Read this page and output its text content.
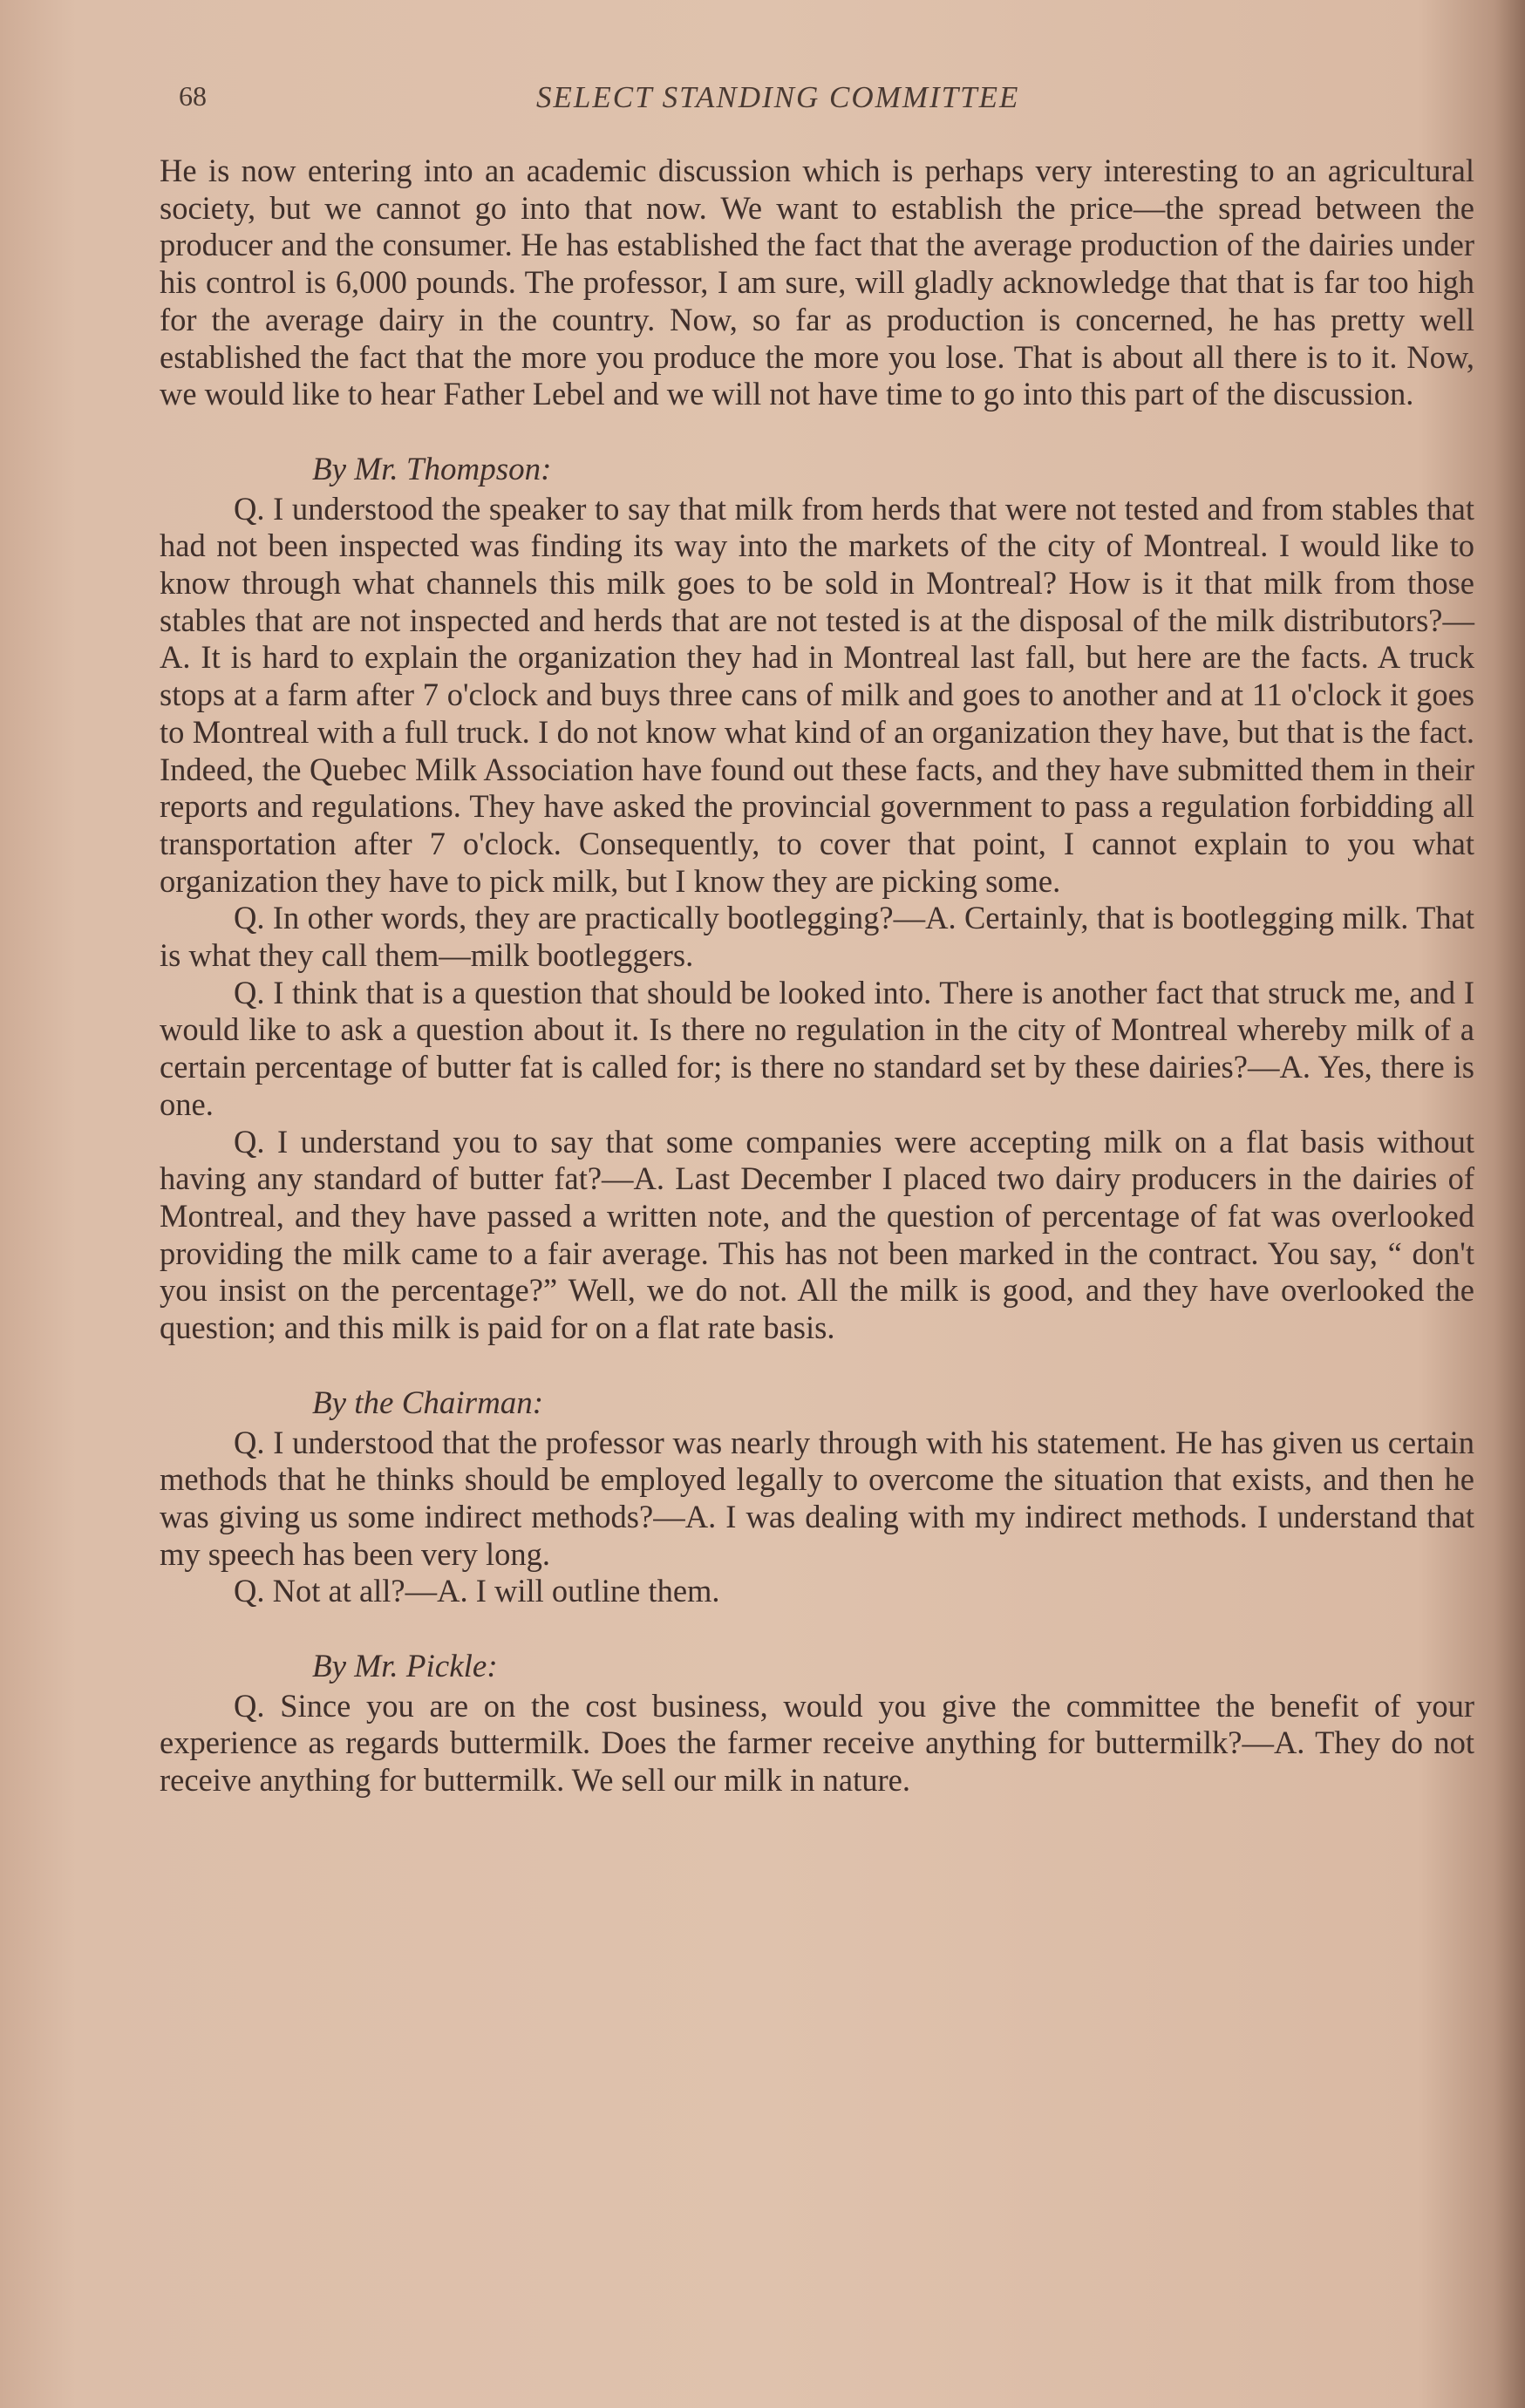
68	SELECT STANDING COMMITTEE

He is now entering into an academic discussion which is perhaps very interesting to an agricultural society, but we cannot go into that now. We want to establish the price—the spread between the producer and the consumer. He has established the fact that the average production of the dairies under his control is 6,000 pounds. The professor, I am sure, will gladly acknowledge that that is far too high for the average dairy in the country. Now, so far as production is concerned, he has pretty well established the fact that the more you produce the more you lose. That is about all there is to it. Now, we would like to hear Father Lebel and we will not have time to go into this part of the discussion.

By Mr. Thompson:

Q. I understood the speaker to say that milk from herds that were not tested and from stables that had not been inspected was finding its way into the markets of the city of Montreal. I would like to know through what channels this milk goes to be sold in Montreal? How is it that milk from those stables that are not inspected and herds that are not tested is at the disposal of the milk distributors?—A. It is hard to explain the organization they had in Montreal last fall, but here are the facts. A truck stops at a farm after 7 o'clock and buys three cans of milk and goes to another and at 11 o'clock it goes to Montreal with a full truck. I do not know what kind of an organization they have, but that is the fact. Indeed, the Quebec Milk Association have found out these facts, and they have submitted them in their reports and regulations. They have asked the provincial government to pass a regulation forbidding all transportation after 7 o'clock. Consequently, to cover that point, I cannot explain to you what organization they have to pick milk, but I know they are picking some.

Q. In other words, they are practically bootlegging?—A. Certainly, that is bootlegging milk. That is what they call them—milk bootleggers.

Q. I think that is a question that should be looked into. There is another fact that struck me, and I would like to ask a question about it. Is there no regulation in the city of Montreal whereby milk of a certain percentage of butter fat is called for; is there no standard set by these dairies?—A. Yes, there is one.

Q. I understand you to say that some companies were accepting milk on a flat basis without having any standard of butter fat?—A. Last December I placed two dairy producers in the dairies of Montreal, and they have passed a written note, and the question of percentage of fat was overlooked providing the milk came to a fair average. This has not been marked in the contract. You say, “ don't you insist on the percentage?” Well, we do not. All the milk is good, and they have overlooked the question; and this milk is paid for on a flat rate basis.

By the Chairman:

Q. I understood that the professor was nearly through with his statement. He has given us certain methods that he thinks should be employed legally to overcome the situation that exists, and then he was giving us some indirect methods?—A. I was dealing with my indirect methods. I understand that my speech has been very long.

Q. Not at all?—A. I will outline them.

By Mr. Pickle:

Q. Since you are on the cost business, would you give the committee the benefit of your experience as regards buttermilk. Does the farmer receive anything for buttermilk?—A. They do not receive anything for buttermilk. We sell our milk in nature.
